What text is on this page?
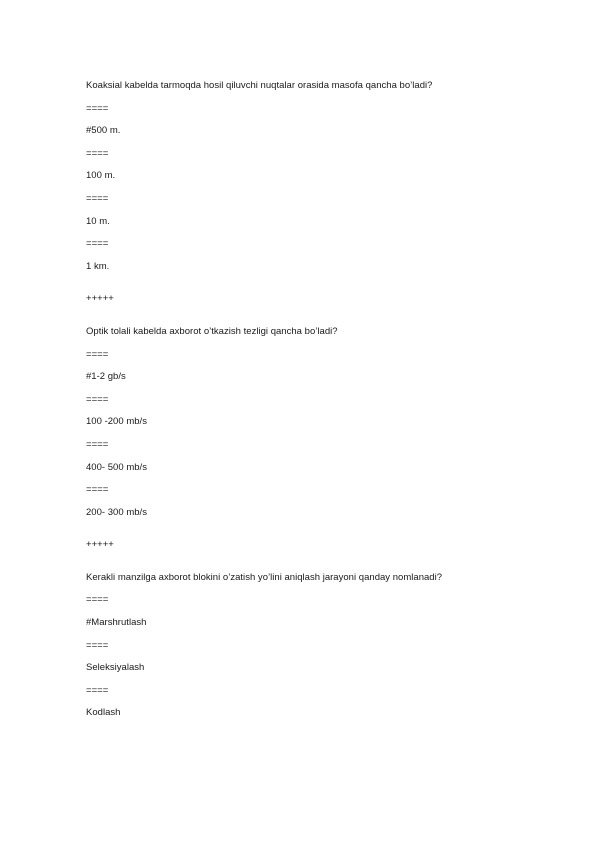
Koaksial kabelda tarmoqda hosil qiluvchi nuqtalar orasida masofa qancha bo’ladi?
====
#500 m.
====
100 m.
====
10 m.
====
1 km.
+++++
Optik tolali kabelda axborot o’tkazish tezligi qancha bo’ladi?
====
#1-2 gb/s
====
100 -200 mb/s
====
400- 500 mb/s
====
200- 300 mb/s
+++++
Kerakli manzilga axborot blokini o’zatish yo’lini aniqlash jarayoni qanday nomlanadi?
====
#Marshrutlash
====
Seleksiyalash
====
Kodlash
